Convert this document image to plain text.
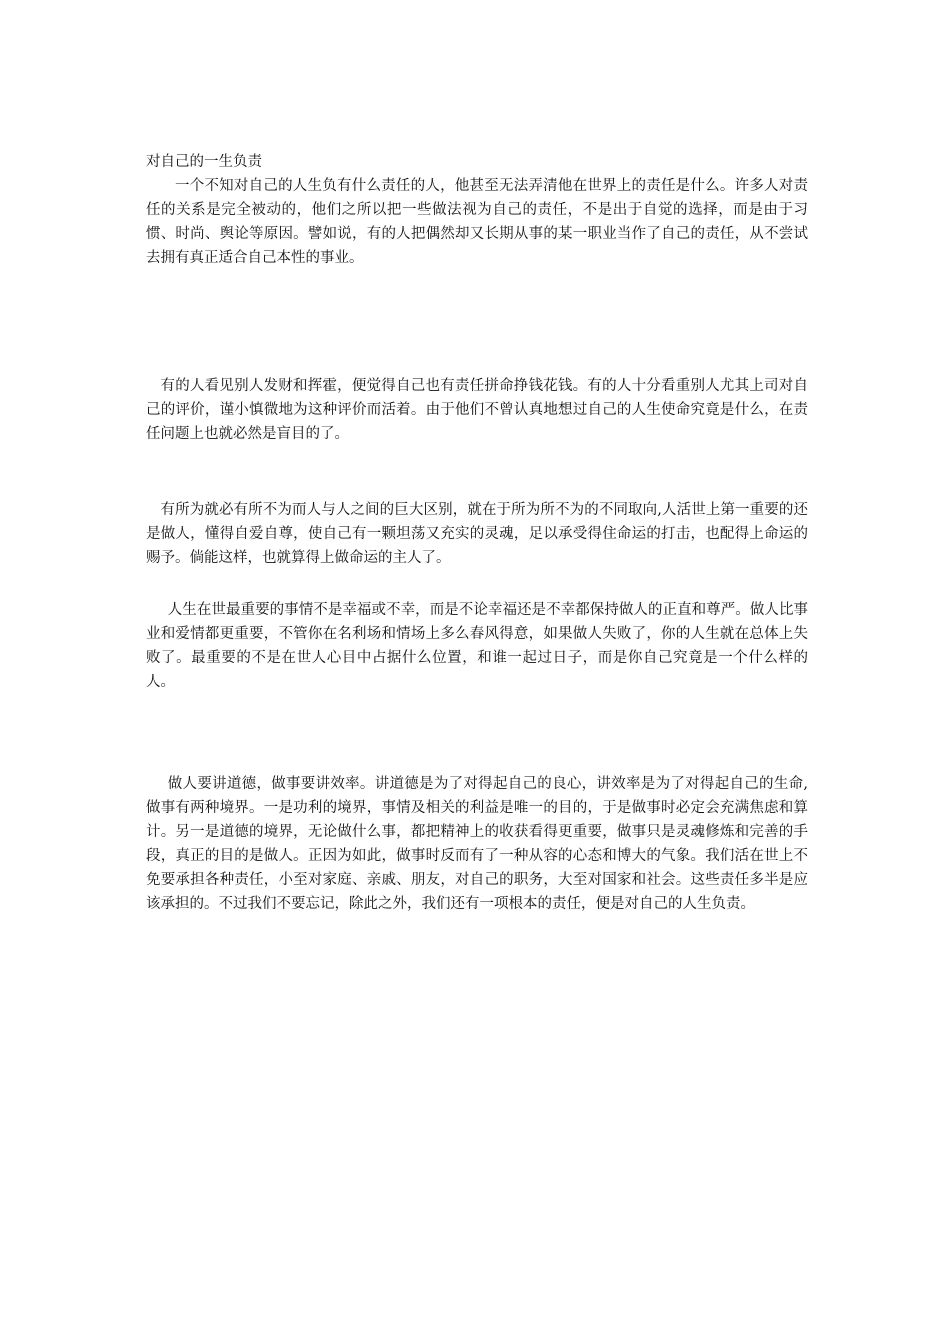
对自己的一生负责

一个不知对自己的人生负有什么责任的人，他甚至无法弄清他在世界上的责任是什么。许多人对责任的关系是完全被动的，他们之所以把一些做法视为自己的责任，不是出于自觉的选择，而是由于习惯、时尚、舆论等原因。譬如说，有的人把偶然却又长期从事的某一职业当作了自己的责任，从不尝试去拥有真正适合自己本性的事业。

有的人看见别人发财和挥霍，便觉得自己也有责任拼命挣钱花钱。有的人十分看重别人尤其上司对自己的评价，谨小慎微地为这种评价而活着。由于他们不曾认真地想过自己的人生使命究竟是什么，在责任问题上也就必然是盲目的了。

有所为就必有所不为而人与人之间的巨大区别，就在于所为所不为的不同取向,人活世上第一重要的还是做人，懂得自爱自尊，使自己有一颗坦荡又充实的灵魂，足以承受得住命运的打击，也配得上命运的赐予。倘能这样，也就算得上做命运的主人了。

人生在世最重要的事情不是幸福或不幸，而是不论幸福还是不幸都保持做人的正直和尊严。做人比事业和爱情都更重要，不管你在名利场和情场上多么春风得意，如果做人失败了，你的人生就在总体上失败了。最重要的不是在世人心目中占据什么位置，和谁一起过日子，而是你自己究竟是一个什么样的人。

做人要讲道德，做事要讲效率。讲道德是为了对得起自己的良心，讲效率是为了对得起自己的生命,做事有两种境界。一是功利的境界，事情及相关的利益是唯一的目的，于是做事时必定会充满焦虑和算计。另一是道德的境界，无论做什么事，都把精神上的收获看得更重要，做事只是灵魂修炼和完善的手段，真正的目的是做人。正因为如此，做事时反而有了一种从容的心态和博大的气象。我们活在世上不免要承担各种责任，小至对家庭、亲戚、朋友，对自己的职务，大至对国家和社会。这些责任多半是应该承担的。不过我们不要忘记，除此之外，我们还有一项根本的责任，便是对自己的人生负责。
